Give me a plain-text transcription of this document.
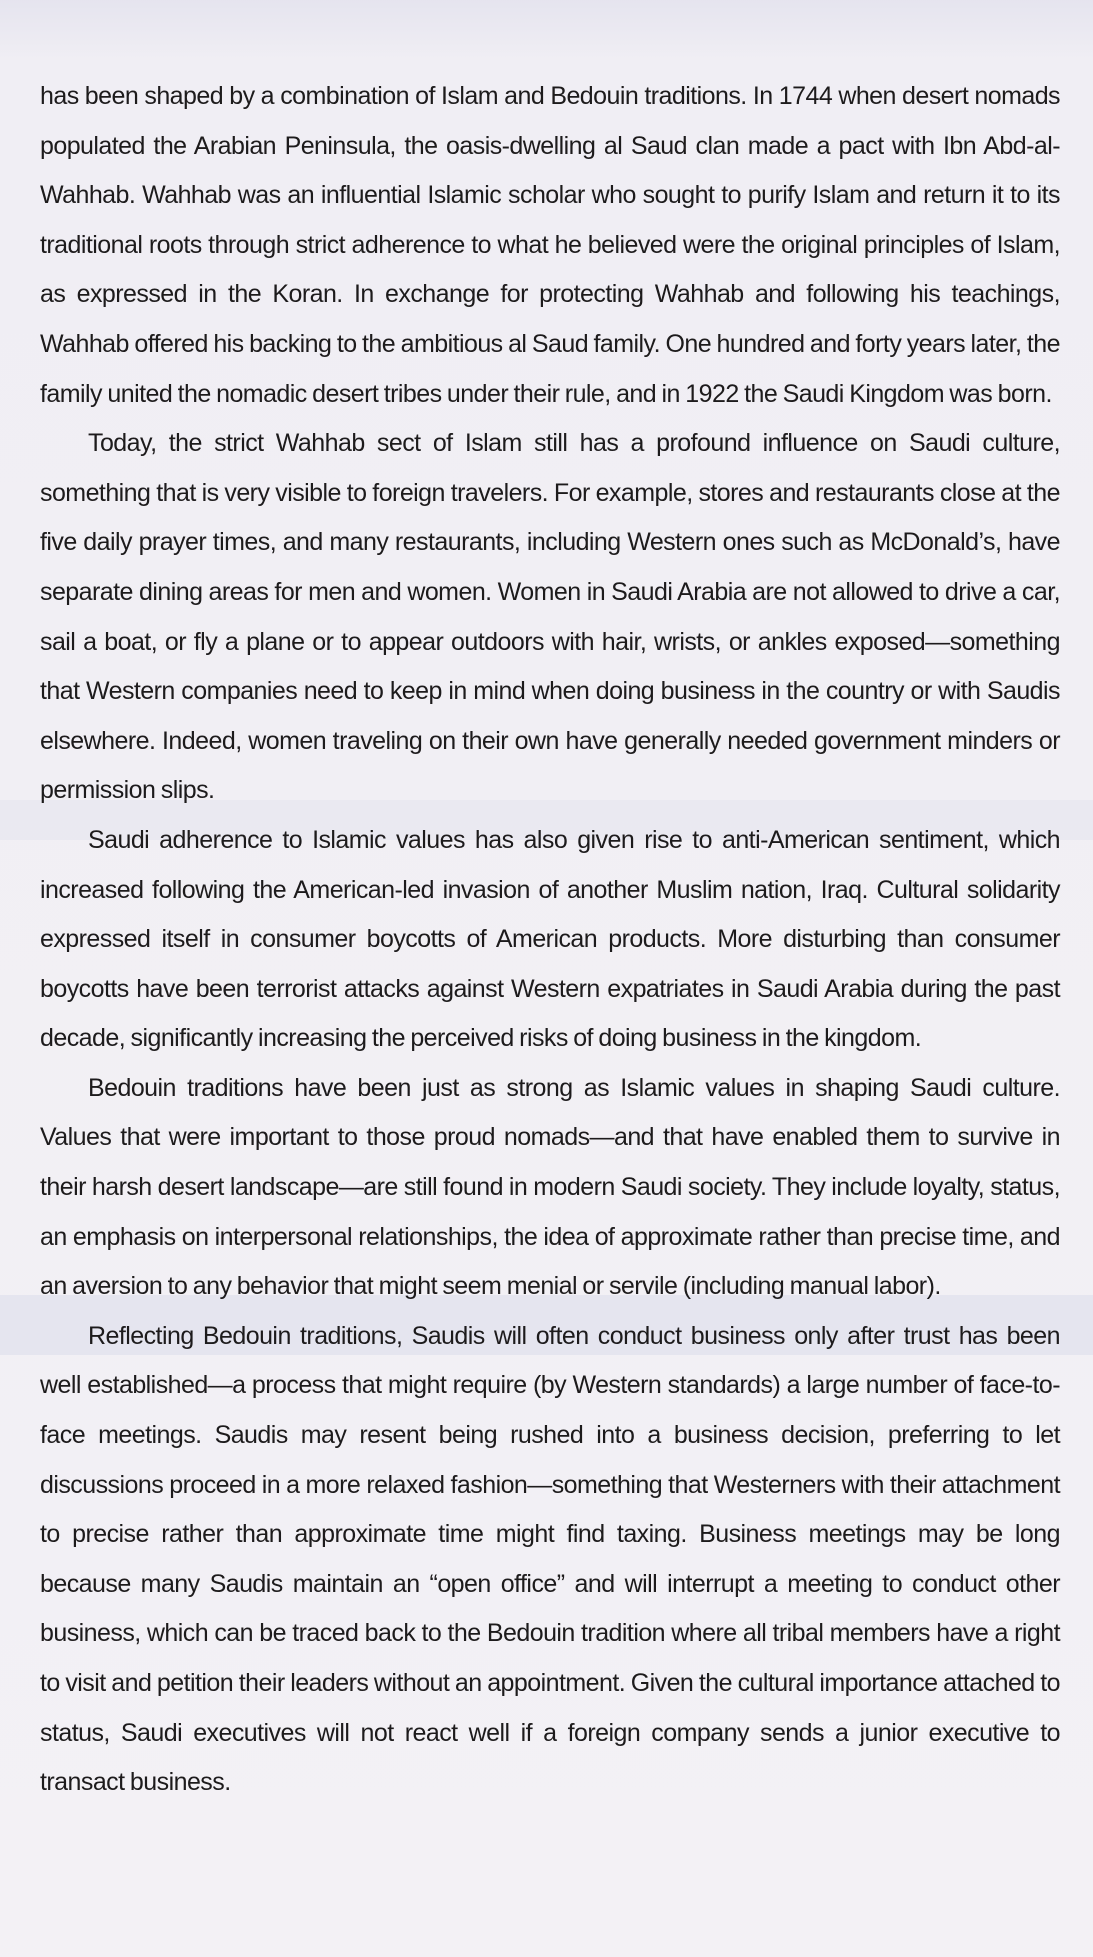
has been shaped by a combination of Islam and Bedouin traditions. In 1744 when desert nomads populated the Arabian Peninsula, the oasis-dwelling al Saud clan made a pact with Ibn Abd-al-Wahhab. Wahhab was an influential Islamic scholar who sought to purify Islam and return it to its traditional roots through strict adherence to what he believed were the original principles of Islam, as expressed in the Koran. In exchange for protecting Wahhab and following his teachings, Wahhab offered his backing to the ambitious al Saud family. One hundred and forty years later, the family united the nomadic desert tribes under their rule, and in 1922 the Saudi Kingdom was born.

Today, the strict Wahhab sect of Islam still has a profound influence on Saudi culture, something that is very visible to foreign travelers. For example, stores and restaurants close at the five daily prayer times, and many restaurants, including Western ones such as McDonald’s, have separate dining areas for men and women. Women in Saudi Arabia are not allowed to drive a car, sail a boat, or fly a plane or to appear outdoors with hair, wrists, or ankles exposed—something that Western companies need to keep in mind when doing business in the country or with Saudis elsewhere. Indeed, women traveling on their own have generally needed government minders or permission slips.

Saudi adherence to Islamic values has also given rise to anti-American sentiment, which increased following the American-led invasion of another Muslim nation, Iraq. Cultural solidarity expressed itself in consumer boycotts of American products. More disturbing than consumer boycotts have been terrorist attacks against Western expatriates in Saudi Arabia during the past decade, significantly increasing the perceived risks of doing business in the kingdom.

Bedouin traditions have been just as strong as Islamic values in shaping Saudi culture. Values that were important to those proud nomads—and that have enabled them to survive in their harsh desert landscape—are still found in modern Saudi society. They include loyalty, status, an emphasis on interpersonal relationships, the idea of approximate rather than precise time, and an aversion to any behavior that might seem menial or servile (including manual labor).

Reflecting Bedouin traditions, Saudis will often conduct business only after trust has been well established—a process that might require (by Western standards) a large number of face-to-face meetings. Saudis may resent being rushed into a business decision, preferring to let discussions proceed in a more relaxed fashion—something that Westerners with their attachment to precise rather than approximate time might find taxing. Business meetings may be long because many Saudis maintain an “open office” and will interrupt a meeting to conduct other business, which can be traced back to the Bedouin tradition where all tribal members have a right to visit and petition their leaders without an appointment. Given the cultural importance attached to status, Saudi executives will not react well if a foreign company sends a junior executive to transact business.
